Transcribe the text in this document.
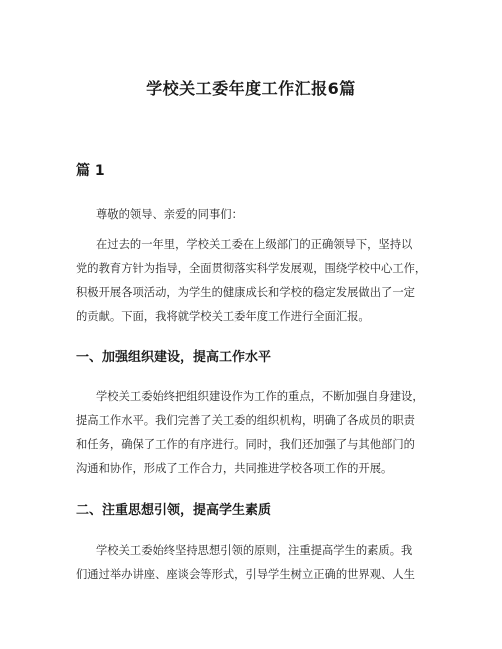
学校关工委年度工作汇报6篇
篇 1

尊敬的领导、亲爱的同事们：

在过去的一年里，学校关工委在上级部门的正确领导下，坚持以

党的教育方针为指导，全面贯彻落实科学发展观，围绕学校中心工作，

积极开展各项活动，为学生的健康成长和学校的稳定发展做出了一定

的贡献。下面，我将就学校关工委年度工作进行全面汇报。

一、加强组织建设，提高工作水平

学校关工委始终把组织建设作为工作的重点，不断加强自身建设，

提高工作水平。我们完善了关工委的组织机构，明确了各成员的职责

和任务，确保了工作的有序进行。同时，我们还加强了与其他部门的

沟通和协作，形成了工作合力，共同推进学校各项工作的开展。

二、注重思想引领，提高学生素质

学校关工委始终坚持思想引领的原则，注重提高学生的素质。我

们通过举办讲座、座谈会等形式，引导学生树立正确的世界观、人生
